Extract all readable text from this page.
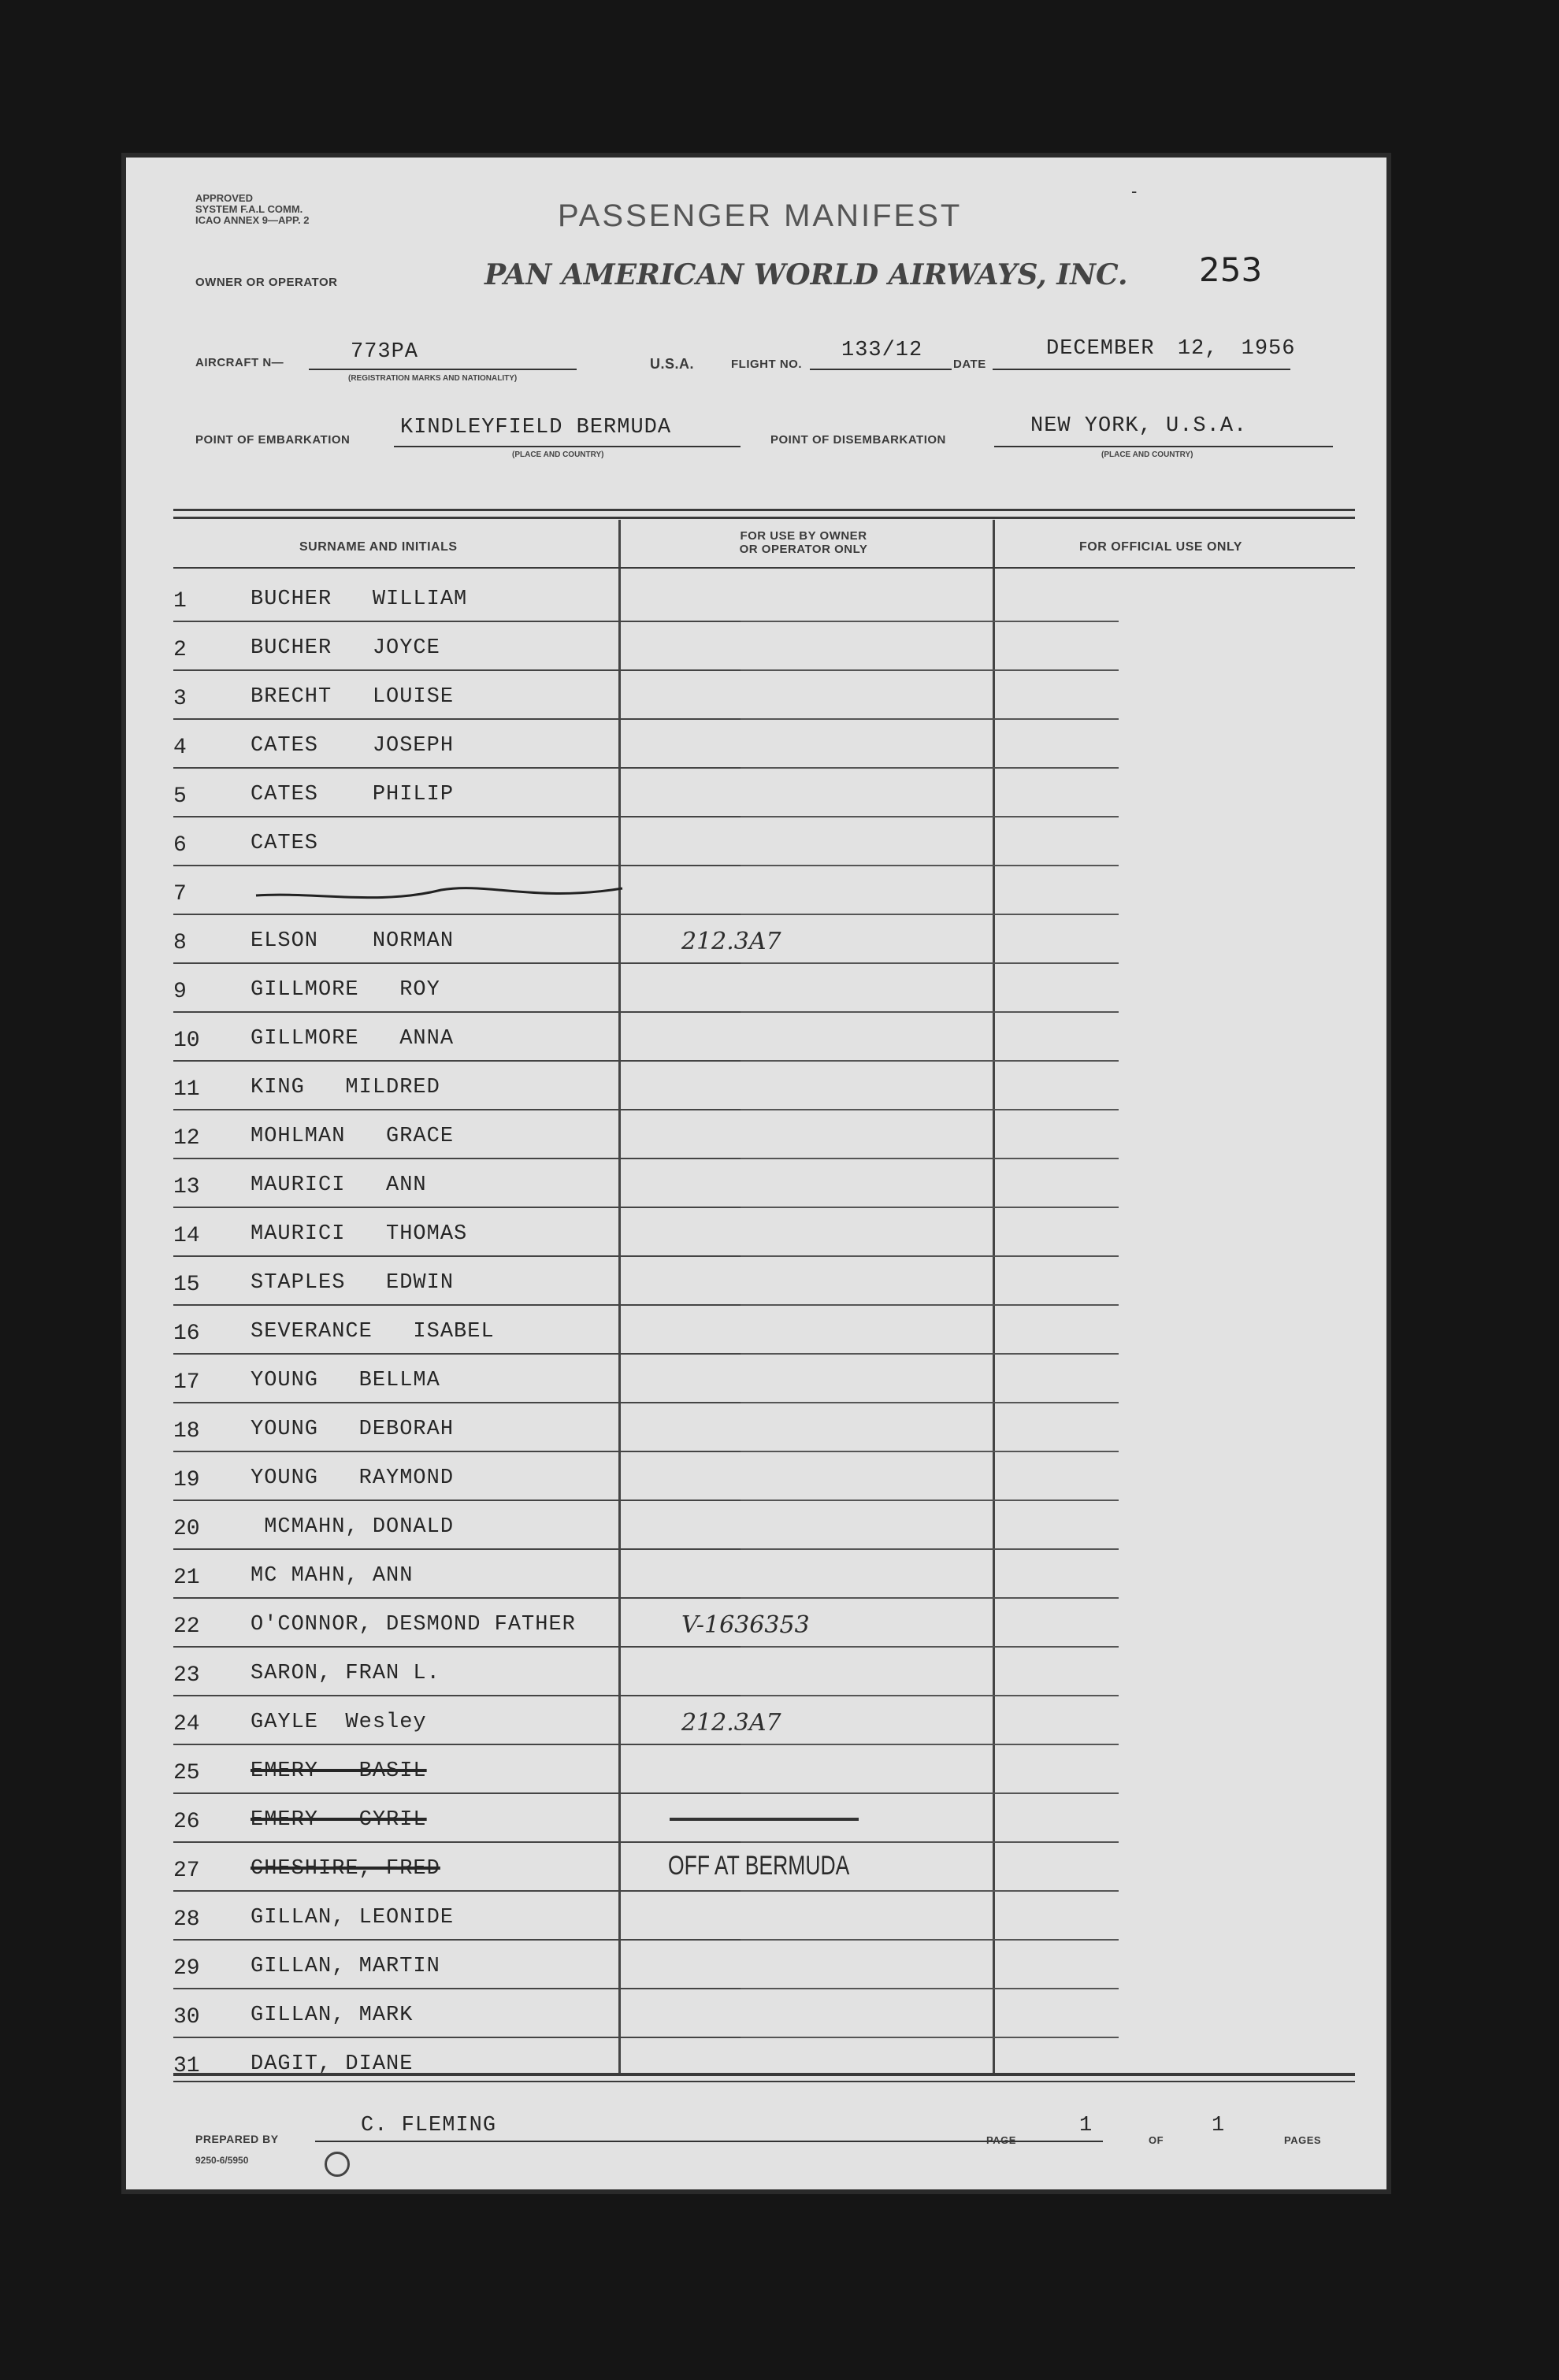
APPROVED
SYSTEM F.A.L COMM.
ICAO ANNEX 9—APP. 2	PASSENGER MANIFEST
-
253
OWNER OR OPERATOR	PAN AMERICAN WORLD AIRWAYS, INC.
AIRCRAFT N—	773PA
(REGISTRATION MARKS AND NATIONALITY)
U.S.A.	FLIGHT NO.
133/12
DATE
DECEMBER 12, 1956
POINT OF EMBARKATION
KINDLEYFIELD BERMUDA
(PLACE AND COUNTRY)
POINT OF DISEMBARKATION
NEW YORK, U.S.A.
(PLACE AND COUNTRY)
SURNAME AND INITIALS
FOR USE BY OWNER
OR OPERATOR ONLY	FOR OFFICIAL USE ONLY
1	BUCHER   WILLIAM
2	BUCHER   JOYCE
3	BRECHT   LOUISE
4	CATES    JOSEPH
5	CATES    PHILIP
6	CATES
7
8	ELSON    NORMAN	212.3A7
9	GILLMORE   ROY
10	GILLMORE   ANNA
11	KING   MILDRED
12	MOHLMAN   GRACE
13	MAURICI   ANN
14	MAURICI   THOMAS
15	STAPLES   EDWIN
16	SEVERANCE   ISABEL
17	YOUNG   BELLMA
18	YOUNG   DEBORAH
19	YOUNG   RAYMOND
20	MCMAHN, DONALD
21	MC MAHN, ANN
22	O'CONNOR, DESMOND FATHER	V-1636353
23	SARON, FRAN L.
24	GAYLE  Wesley	212.3A7
25	EMERY   BASIL
26	EMERY   CYRIL
27	CHESHIRE, FRED	OFF AT BERMUDA
28	GILLAN, LEONIDE
29	GILLAN, MARTIN
30	GILLAN, MARK
31	DAGIT, DIANE
PREPARED BY
C. FLEMING
9250-6/5950
PAGE
1
OF
1
PAGES
